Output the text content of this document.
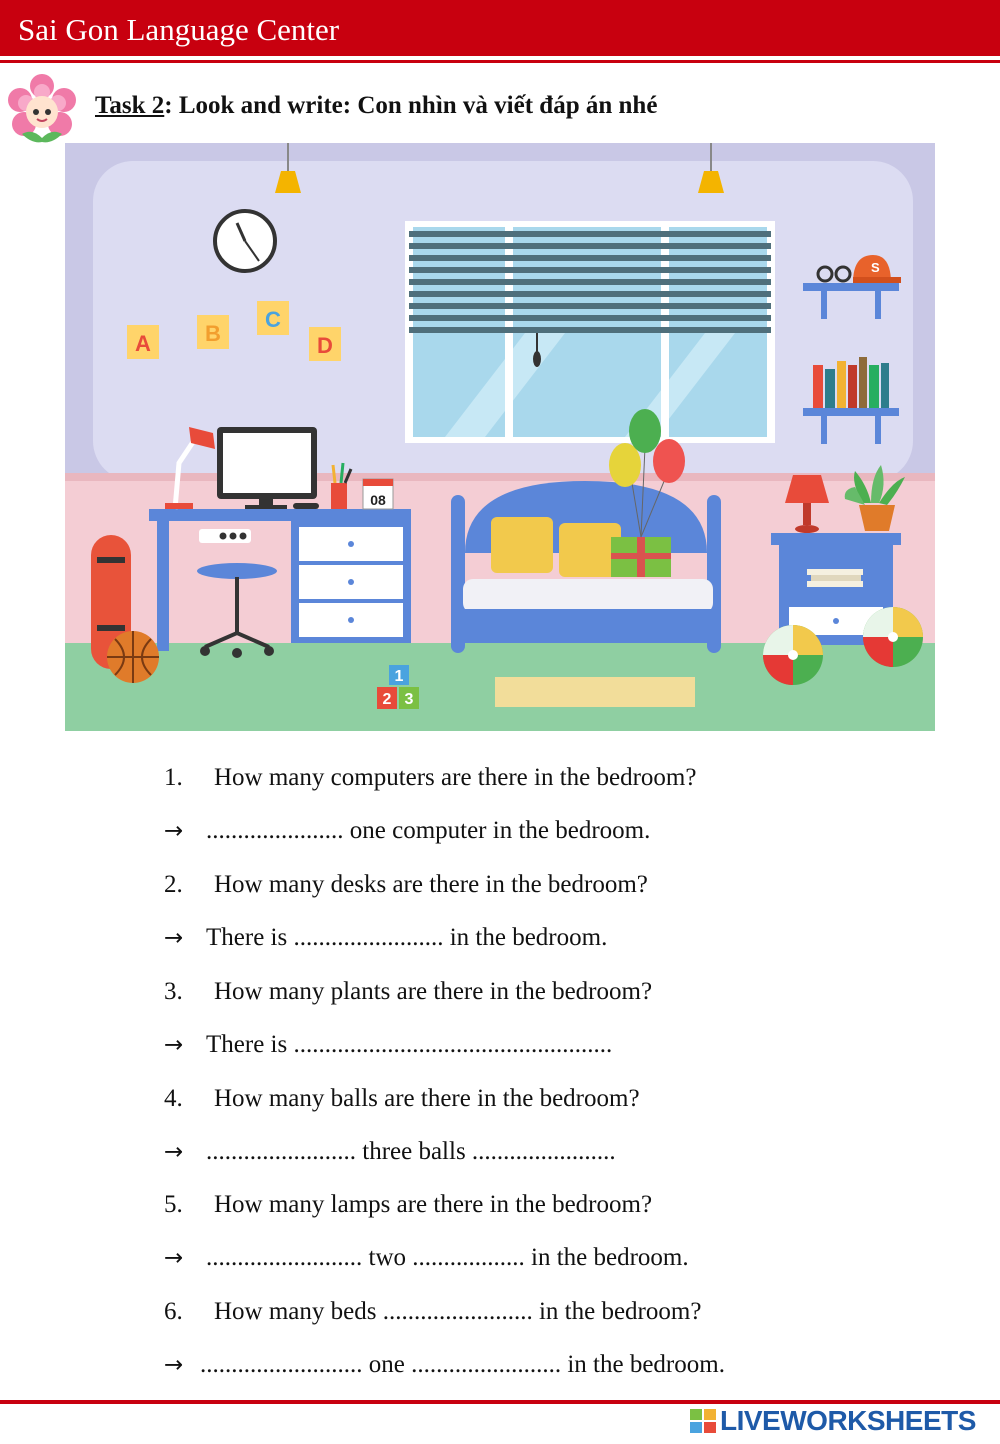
Sai Gon Language Center
Task 2: Look and write: Con nhìn và viết đáp án nhé
A B
C
D
S
08
1
2 3
1. How many computers are there in the bedroom?
→ ...................... one computer in the bedroom.
2. How many desks are there in the bedroom?
→ There is ........................ in the bedroom.
3. How many plants are there in the bedroom?
→ There is ...................................................
4. How many balls are there in the bedroom?
→ ........................ three balls .......................
5. How many lamps are there in the bedroom?
→ ......................... two .................. in the bedroom.
6. How many beds ........................ in the bedroom?
→ .......................... one ........................ in the bedroom.
LIVEWORKSHEETS
